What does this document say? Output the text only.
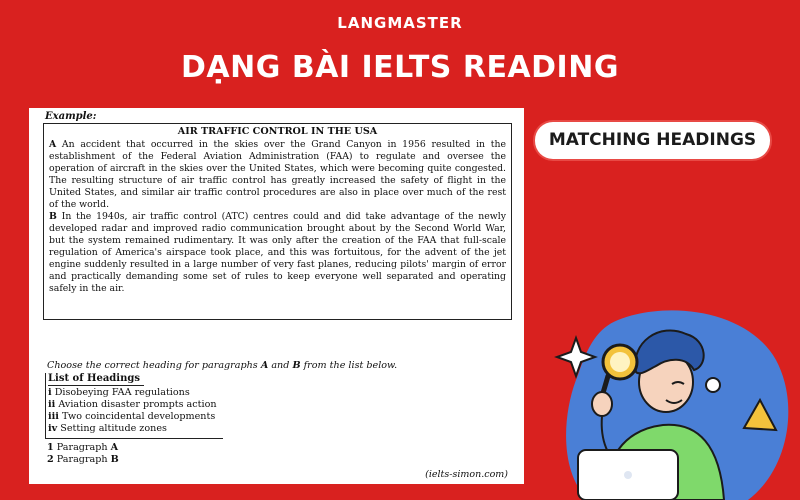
LANGMASTER
DẠNG BÀI IELTS READING
Example:
AIR TRAFFIC CONTROL IN THE USA

A An accident that occurred in the skies over the Grand Canyon in 1956 resulted in the establishment of the Federal Aviation Administration (FAA) to regulate and oversee the operation of aircraft in the skies over the United States, which were becoming quite congested. The resulting structure of air traffic control has greatly increased the safety of flight in the United States, and similar air traffic control procedures are also in place over much of the rest of the world.

B In the 1940s, air traffic control (ATC) centres could and did take advantage of the newly developed radar and improved radio communication brought about by the Second World War, but the system remained rudimentary. It was only after the creation of the FAA that full-scale regulation of America's airspace took place, and this was fortuitous, for the advent of the jet engine suddenly resulted in a large number of very fast planes, reducing pilots' margin of error and practically demanding some set of rules to keep everyone well separated and operating safely in the air.

Choose the correct heading for paragraphs A and B from the list below.
List of Headings
i Disobeying FAA regulations
ii Aviation disaster prompts action
iii Two coincidental developments
iv Setting altitude zones
1 Paragraph A
2 Paragraph B
(ielts-simon.com)
MATCHING HEADINGS
